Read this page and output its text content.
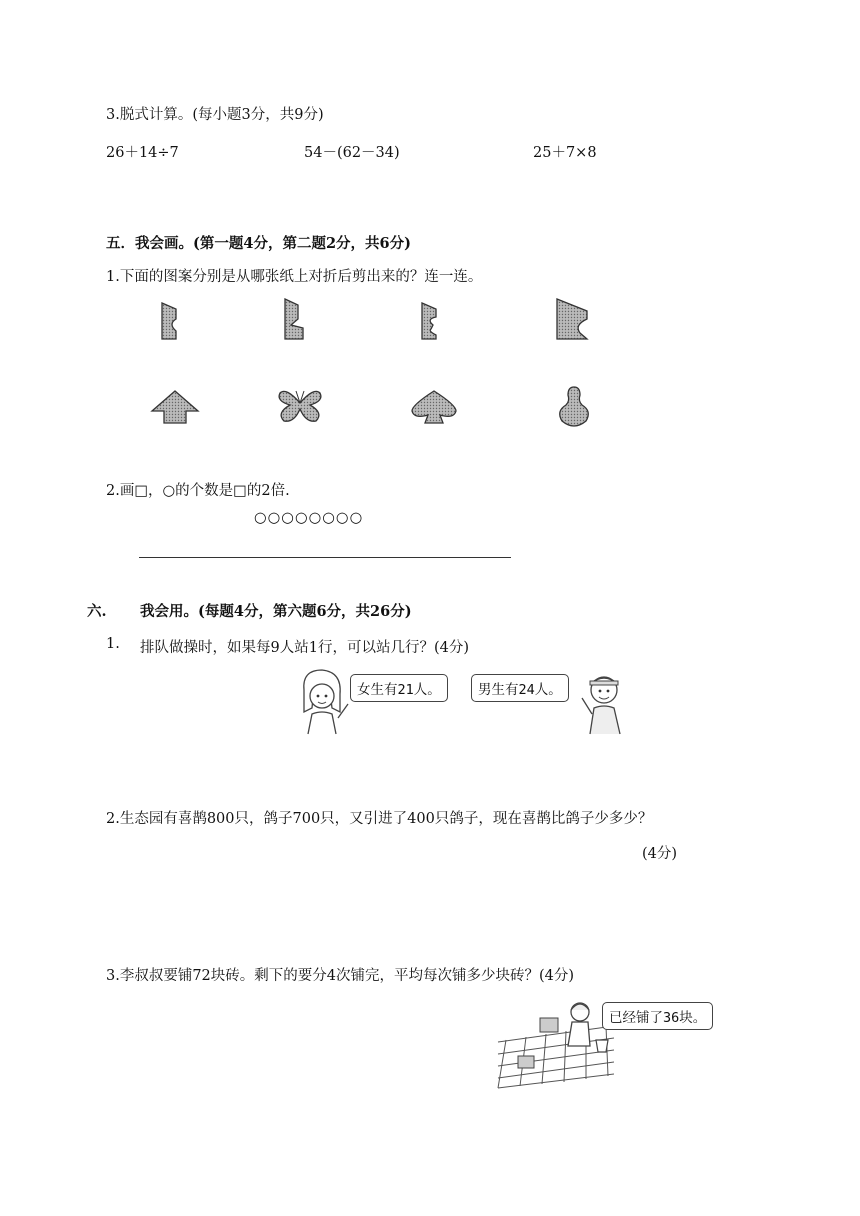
3.脱式计算。(每小题3分，共9分)
26＋14÷7	54－(62－34)	25＋7×8
五．我会画。(第一题4分，第二题2分，共6分)
1.下面的图案分别是从哪张纸上对折后剪出来的？连一连。
2.画□，○的个数是□的2倍.
○○○○○○○○
六. 我会用。(每题4分，第六题6分，共26分)
1. 排队做操时，如果每9人站1行，可以站几行？(4分)
女生有21人。	男生有24人。
2.生态园有喜鹊800只，鸽子700只，又引进了400只鸽子，现在喜鹊比鸽子少多少？
(4分)
3.李叔叔要铺72块砖。剩下的要分4次铺完，平均每次铺多少块砖？(4分)
已经铺了36块。
